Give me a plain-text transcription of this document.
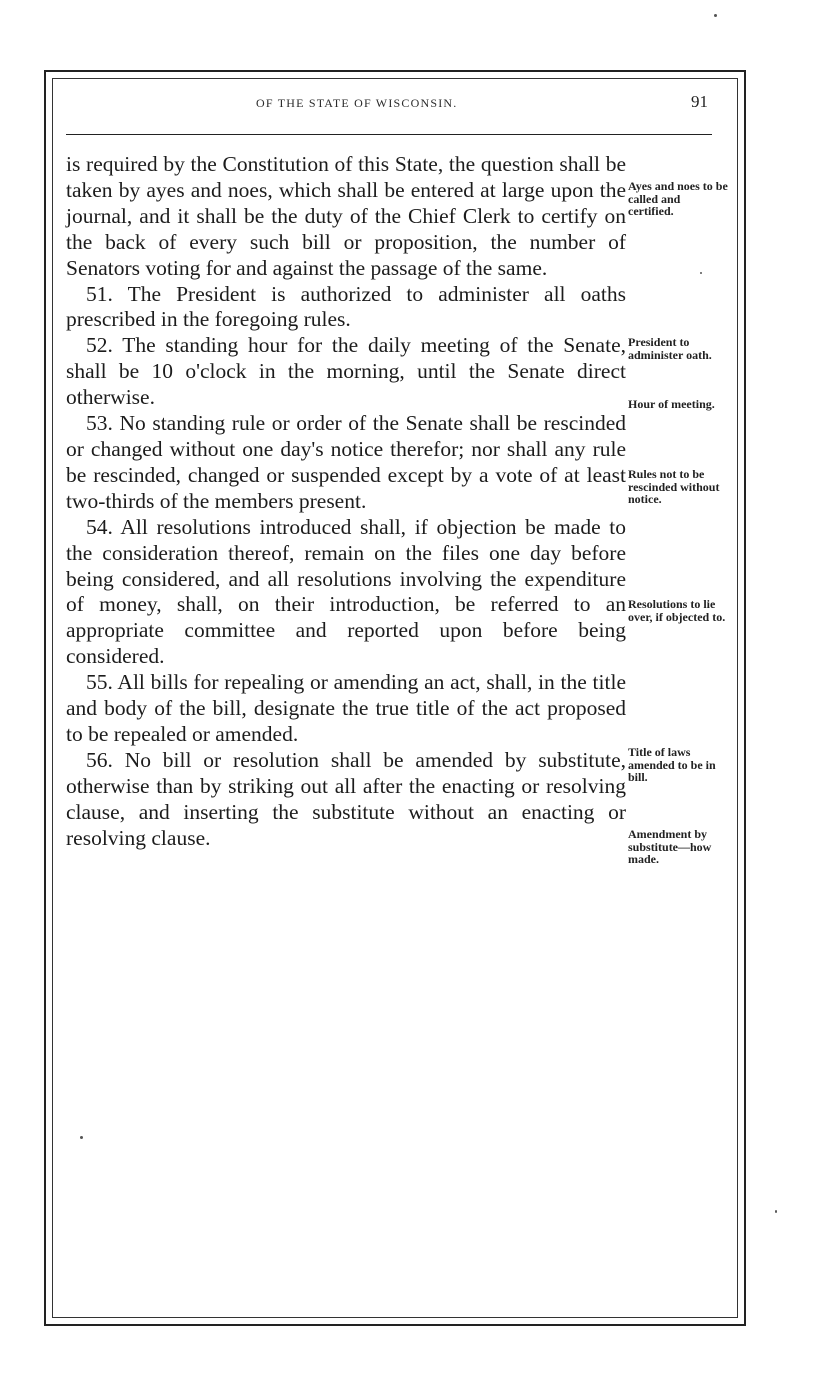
OF THE STATE OF WISCONSIN.	91

is required by the Constitution of this State, the question shall be taken by ayes and noes, which shall be entered at large upon the journal, and it shall be the duty of the Chief Clerk to certify on the back of every such bill or proposition, the number of Senators voting for and against the passage of the same.

51. The President is authorized to administer all oaths prescribed in the foregoing rules.

52. The standing hour for the daily meeting of the Senate, shall be 10 o'clock in the morning, until the Senate direct otherwise.

53. No standing rule or order of the Senate shall be rescinded or changed without one day's notice therefor; nor shall any rule be rescinded, changed or suspended except by a vote of at least two-thirds of the members present.

54. All resolutions introduced shall, if objection be made to the consideration thereof, remain on the files one day before being considered, and all resolutions involving the expenditure of money, shall, on their introduction, be referred to an appropriate committee and reported upon before being considered.

55. All bills for repealing or amending an act, shall, in the title and body of the bill, designate the true title of the act proposed to be repealed or amended.

56. No bill or resolution shall be amended by substitute, otherwise than by striking out all after the enacting or resolving clause, and inserting the substitute without an enacting or resolving clause.

Ayes and noes to be called and certified.
President to administer oath.
Hour of meeting.
Rules not to be rescinded without notice.
Resolutions to lie over, if objected to.
Title of laws amended to be in bill.
Amendment by substitute—how made.
